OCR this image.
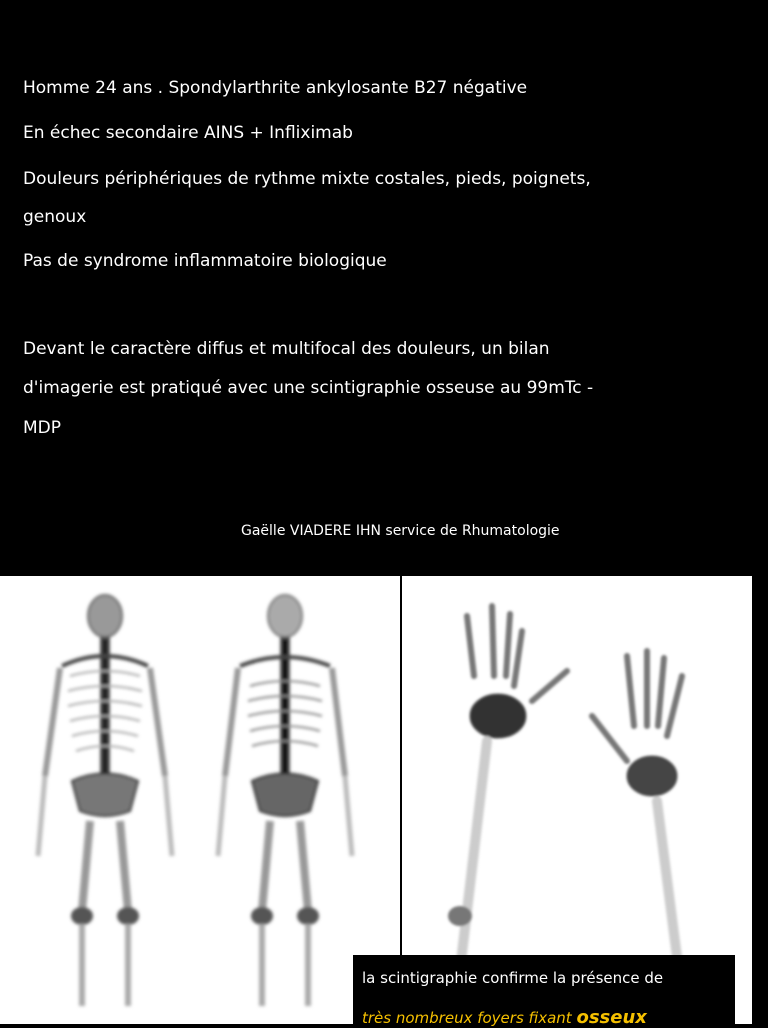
Homme 24 ans . Spondylarthrite ankylosante B27 négative
En échec secondaire AINS + Infliximab
Douleurs périphériques de rythme mixte costales, pieds, poignets,
genoux
Pas de syndrome inflammatoire biologique
Devant le caractère diffus et multifocal des douleurs, un bilan
d'imagerie est pratiqué avec une scintigraphie osseuse au 99mTc -
MDP
Gaëlle VIADERE IHN service de Rhumatologie
la scintigraphie confirme la présence de
très nombreux foyers fixant osseux
